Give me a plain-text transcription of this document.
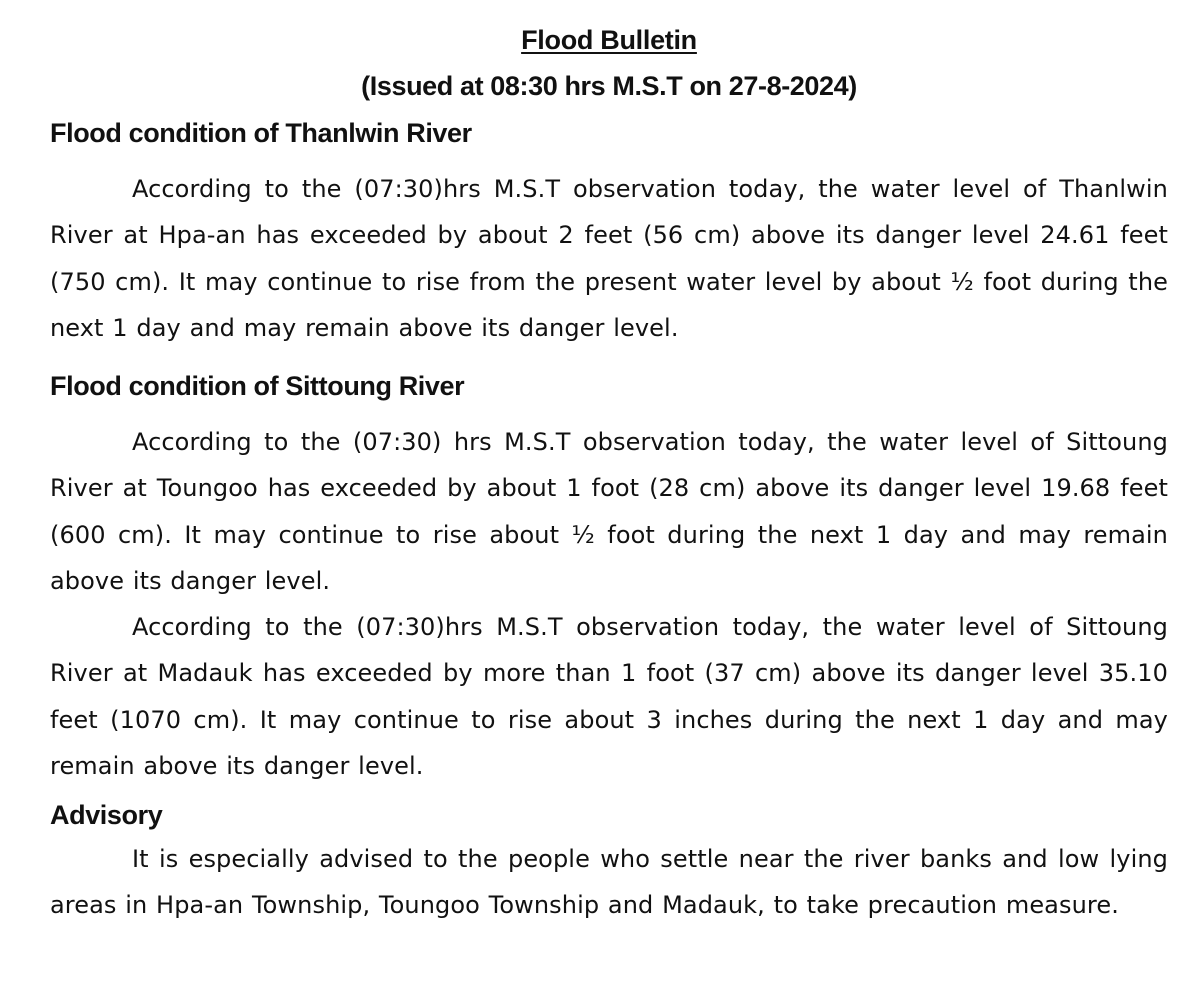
Flood Bulletin

(Issued at 08:30 hrs M.S.T on 27-8-2024)

Flood condition of Thanlwin River

According to the (07:30)hrs M.S.T observation today, the water level of Thanlwin River at Hpa-an has exceeded by about 2 feet (56 cm) above its danger level 24.61 feet (750 cm). It may continue to rise from the present water level by about ½ foot during the next 1 day and may remain above its danger level.

Flood condition of Sittoung River

According to the (07:30) hrs M.S.T observation today, the water level of Sittoung River at Toungoo has exceeded by about 1 foot (28 cm) above its danger level 19.68 feet (600 cm). It may continue to rise about ½ foot during the next 1 day and may remain above its danger level.

According to the (07:30)hrs M.S.T observation today, the water level of Sittoung River at Madauk has exceeded by more than 1 foot (37 cm) above its danger level 35.10 feet (1070 cm). It may continue to rise about 3 inches during the next 1 day and may remain above its danger level.

Advisory

It is especially advised to the people who settle near the river banks and low lying areas in Hpa-an Township, Toungoo Township and Madauk, to take precaution measure.
